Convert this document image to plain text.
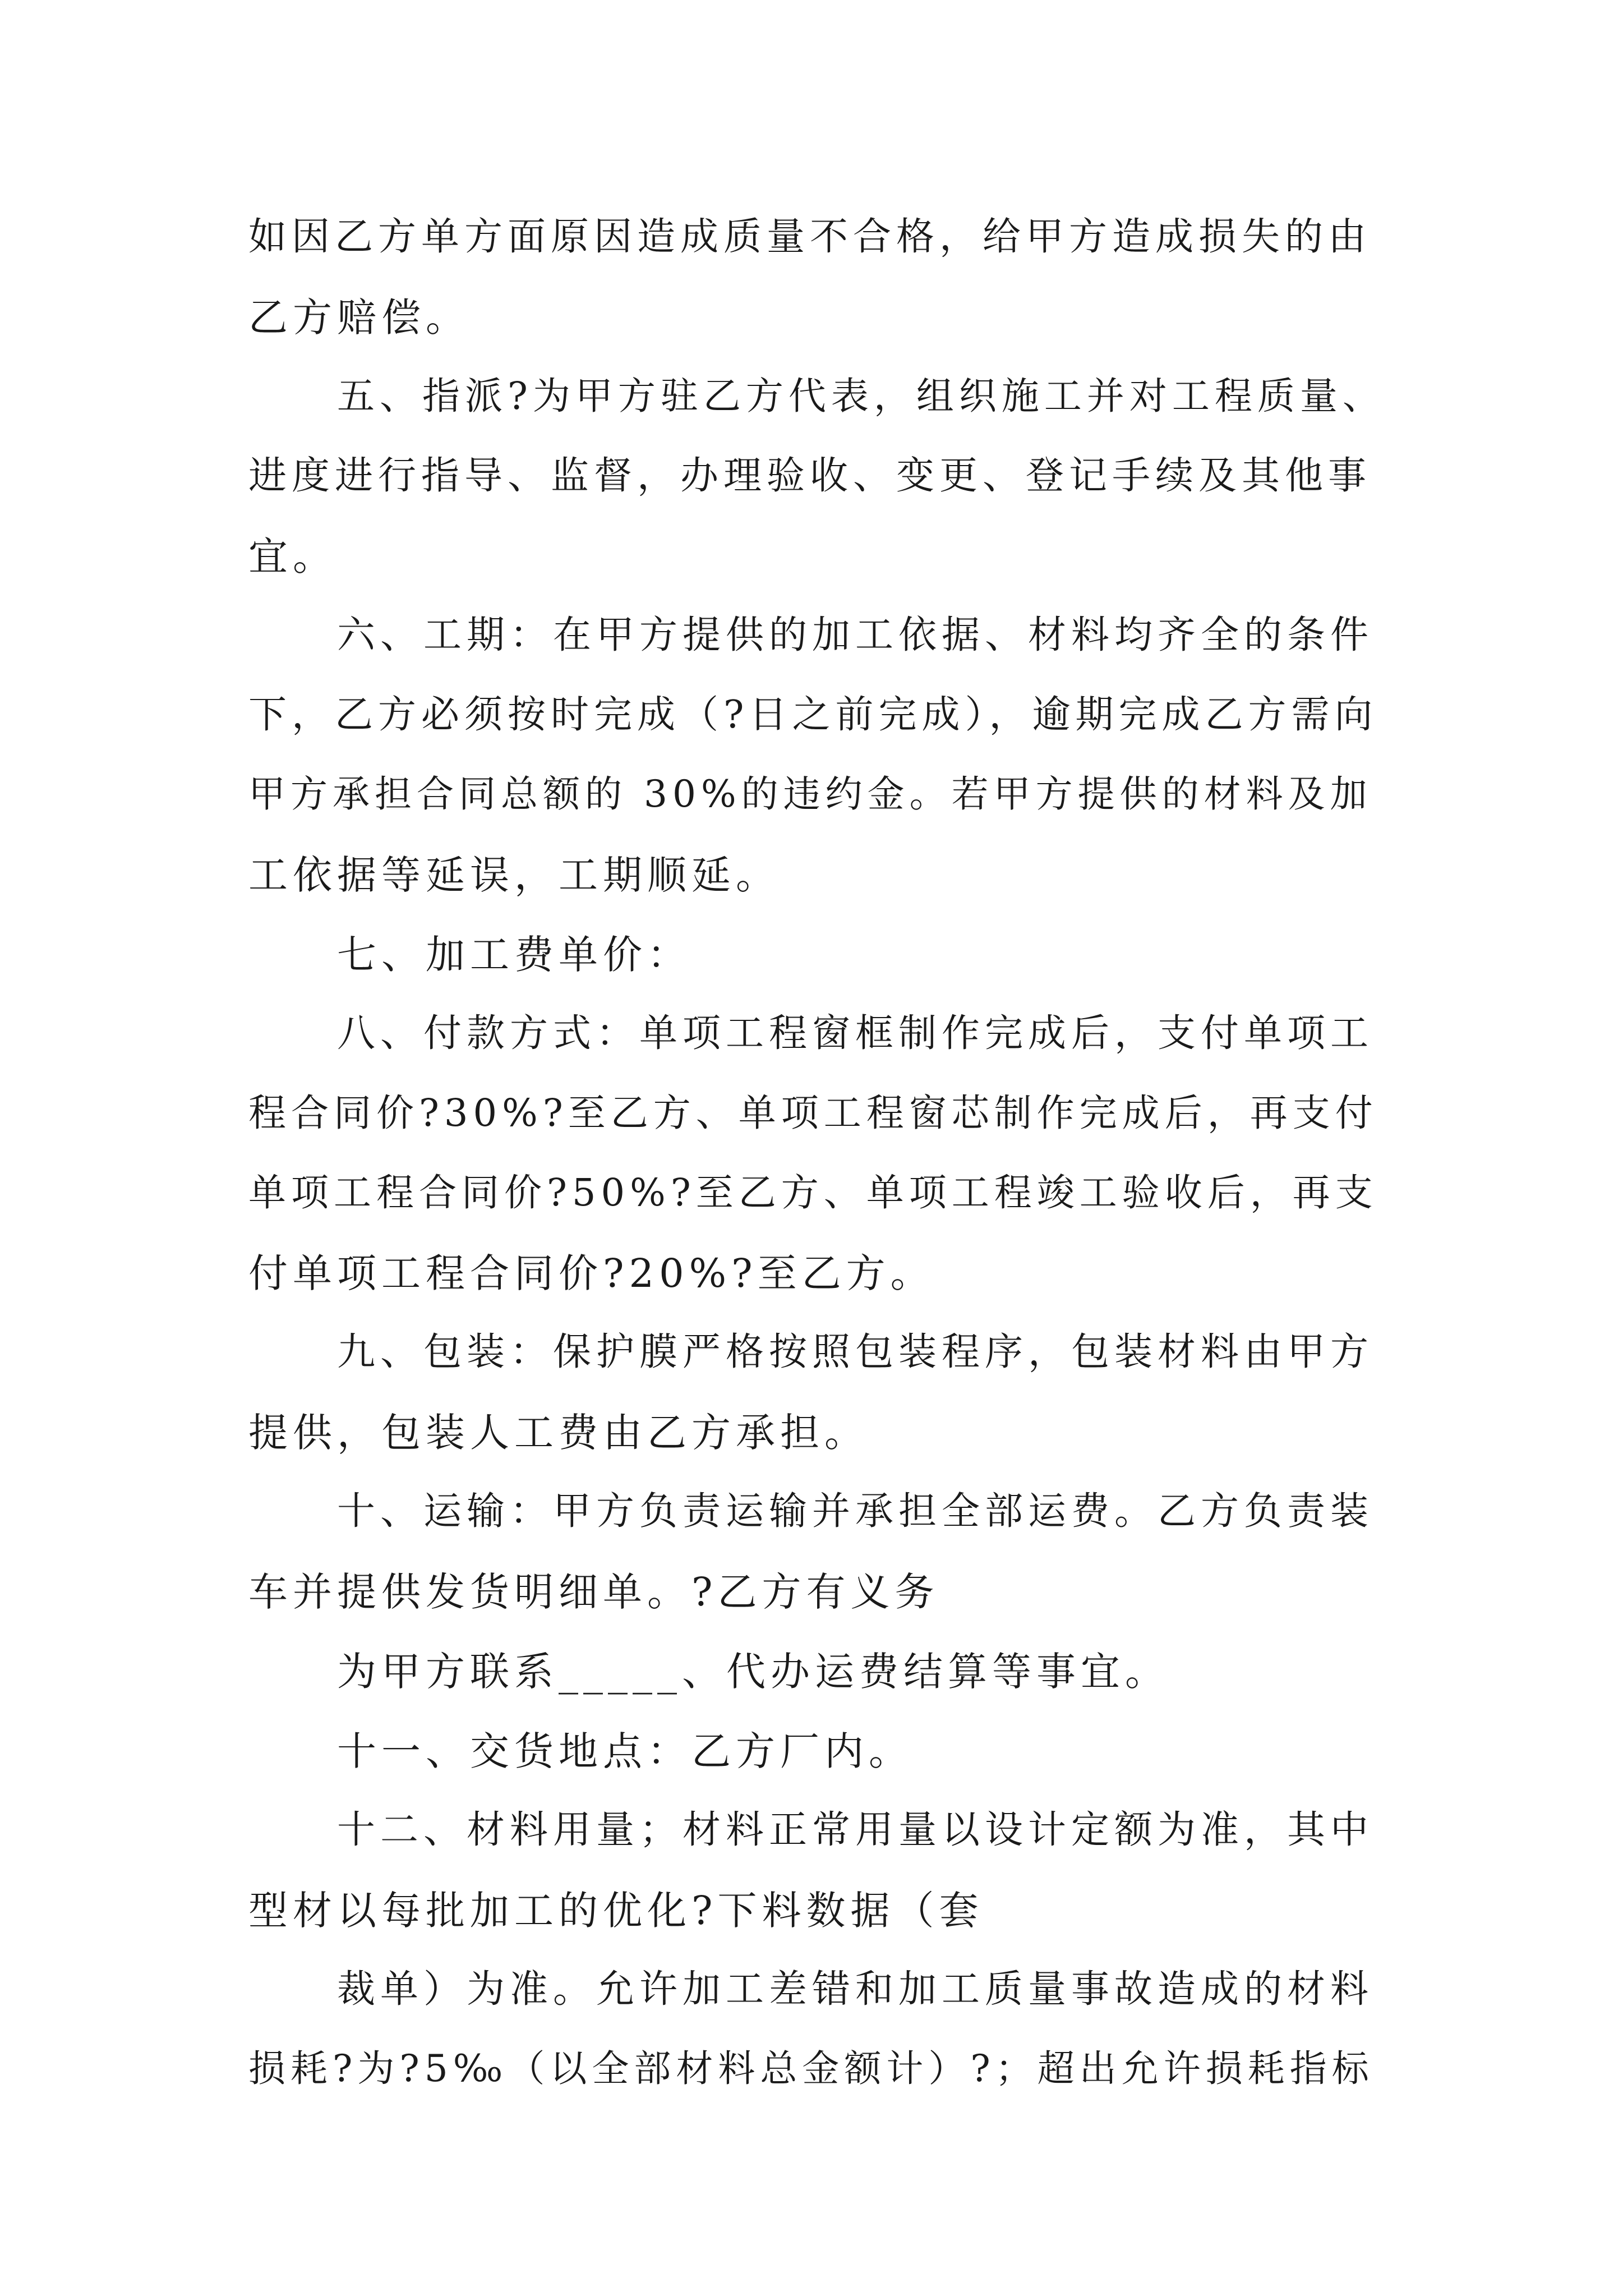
如因乙方单方面原因造成质量不合格，给甲方造成损失的由
乙方赔偿。
五、指派?为甲方驻乙方代表，组织施工并对工程质量、
进度进行指导、监督，办理验收、变更、登记手续及其他事
宜。
六、工期：在甲方提供的加工依据、材料均齐全的条件
下，乙方必须按时完成（?日之前完成），逾期完成乙方需向
甲方承担合同总额的 30%的违约金。若甲方提供的材料及加
工依据等延误，工期顺延。
七、加工费单价：
八、付款方式：单项工程窗框制作完成后，支付单项工
程合同价?30%?至乙方、单项工程窗芯制作完成后，再支付
单项工程合同价?50%?至乙方、单项工程竣工验收后，再支
付单项工程合同价?20%?至乙方。
九、包装：保护膜严格按照包装程序，包装材料由甲方
提供，包装人工费由乙方承担。
十、运输：甲方负责运输并承担全部运费。乙方负责装
车并提供发货明细单。?乙方有义务
为甲方联系_____、代办运费结算等事宜。
十一、交货地点：乙方厂内。
十二、材料用量；材料正常用量以设计定额为准，其中
型材以每批加工的优化?下料数据（套
裁单）为准。允许加工差错和加工质量事故造成的材料
损耗?为?5‰（以全部材料总金额计）?；超出允许损耗指标
